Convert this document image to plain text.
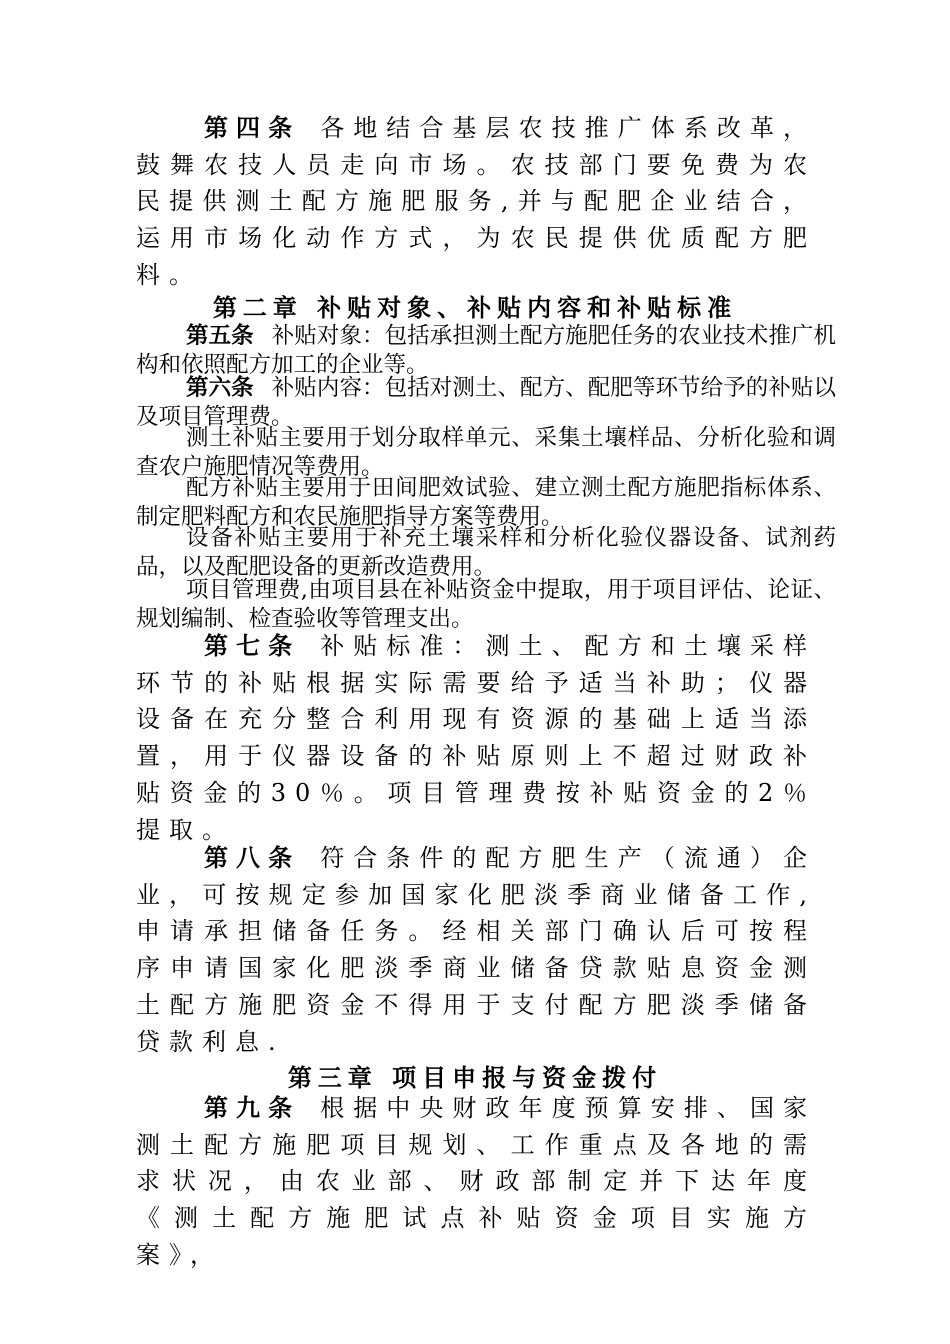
第四条 各地结合基层农技推广体系改革，鼓舞农技人员走向市场。农技部门要免费为农民提供测土配方施肥服务,并与配肥企业结合，运用市场化动作方式，为农民提供优质配方肥料。

第二章 补贴对象、补贴内容和补贴标准

第五条 补贴对象：包括承担测土配方施肥任务的农业技术推广机构和依照配方加工的企业等。

第六条 补贴内容：包括对测土、配方、配肥等环节给予的补贴以及项目管理费。

测土补贴主要用于划分取样单元、采集土壤样品、分析化验和调查农户施肥情况等费用。

配方补贴主要用于田间肥效试验、建立测土配方施肥指标体系、制定肥料配方和农民施肥指导方案等费用。

设备补贴主要用于补充土壤采样和分析化验仪器设备、试剂药品，以及配肥设备的更新改造费用。

项目管理费,由项目县在补贴资金中提取，用于项目评估、论证、规划编制、检查验收等管理支出。

第七条 补贴标准：测土、配方和土壤采样环节的补贴根据实际需要给予适当补助；仪器设备在充分整合利用现有资源的基础上适当添置，用于仪器设备的补贴原则上不超过财政补贴资金的30％。项目管理费按补贴资金的2％提取。

第八条 符合条件的配方肥生产（流通）企业，可按规定参加国家化肥淡季商业储备工作,申请承担储备任务。经相关部门确认后可按程序申请国家化肥淡季商业储备贷款贴息资金测土配方施肥资金不得用于支付配方肥淡季储备贷款利息.

第三章 项目申报与资金拨付

第九条 根据中央财政年度预算安排、国家测土配方施肥项目规划、工作重点及各地的需求状况，由农业部、财政部制定并下达年度《测土配方施肥试点补贴资金项目实施方案》，
